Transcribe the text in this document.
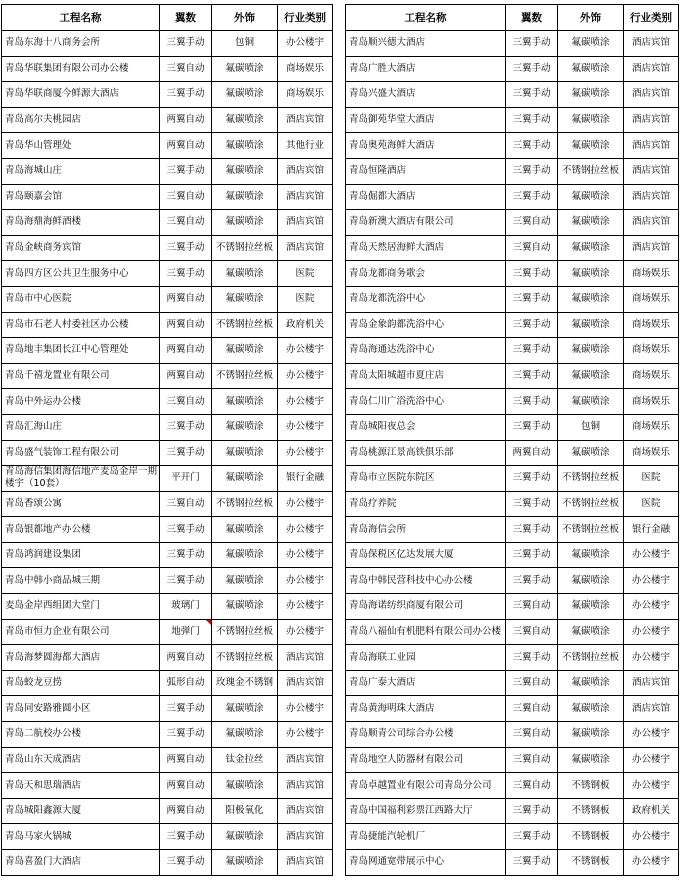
工程名称	翼数	外饰	行业类别
青岛东海十八商务会所	三翼手动	包铜	办公楼宇
青岛华联集团有限公司办公楼	三翼自动	氟碳喷涂	商场娱乐
青岛华联商厦今鲜源大酒店	三翼手动	氟碳喷涂	商场娱乐
青岛高尔夫桃园店	两翼自动	氟碳喷涂	酒店宾馆
青岛华山管理处	两翼自动	氟碳喷涂	其他行业
青岛海城山庄	三翼手动	氟碳喷涂	酒店宾馆
青岛颐嘉会馆	三翼自动	氟碳喷涂	酒店宾馆
青岛海鼎海鲜酒楼	三翼自动	氟碳喷涂	酒店宾馆
青岛金峡商务宾馆	三翼手动	不锈钢拉丝板	酒店宾馆
青岛四方区公共卫生服务中心	三翼手动	氟碳喷涂	医院
青岛市中心医院	两翼自动	氟碳喷涂	医院
青岛市石老人村委社区办公楼	两翼自动	不锈钢拉丝板	政府机关
青岛地丰集团长江中心管理处	两翼自动	氟碳喷涂	办公楼宇
青岛千禧龙置业有限公司	两翼自动	不锈钢拉丝板	办公楼宇
青岛中外运办公楼	三翼自动	氟碳喷涂	办公楼宇
青岛汇海山庄	三翼手动	氟碳喷涂	办公楼宇
青岛盛气装饰工程有限公司	三翼手动	氟碳喷涂	办公楼宇
青岛海信集团海信地产麦岛金岸一期楼宇（10套）	平开门	氟碳喷涂	银行金融
青岛香颂公寓	三翼自动	不锈钢拉丝板	办公楼宇
青岛银都地产办公楼	三翼手动	氟碳喷涂	办公楼宇
青岛鸿润建设集团	三翼手动	氟碳喷涂	办公楼宇
青岛中韩小商品城三期	三翼手动	氟碳喷涂	办公楼宇
麦岛金岸西组团大堂门	玻璃门	氟碳喷涂	办公楼宇
青岛市恒力企业有限公司	地弹门	不锈钢拉丝板	办公楼宇
青岛海梦圆海都大酒店	两翼自动	不锈钢拉丝板	酒店宾馆
青岛蛟龙豆捞	弧形自动	玫瑰金不锈钢	酒店宾馆
青岛同安路雅圆小区	三翼手动	氟碳喷涂	办公楼宇
青岛二航校办公楼	三翼手动	氟碳喷涂	办公楼宇
青岛山东天成酒店	两翼自动	钛金拉丝	酒店宾馆
青岛天和思瑞酒店	两翼自动	氟碳喷涂	酒店宾馆
青岛城阳鑫源大厦	两翼自动	阳极氧化	酒店宾馆
青岛马家火锅城	三翼手动	氟碳喷涂	酒店宾馆
青岛喜盈门大酒店	三翼手动	氟碳喷涂	酒店宾馆
工程名称	翼数	外饰	行业类别
青岛顺兴德大酒店	三翼手动	氟碳喷涂	酒店宾馆
青岛广胜大酒店	三翼手动	氟碳喷涂	酒店宾馆
青岛兴盛大酒店	三翼手动	氟碳喷涂	酒店宾馆
青岛御苑华堂大酒店	三翼手动	氟碳喷涂	酒店宾馆
青岛奥苑海鲜大酒店	三翼手动	氟碳喷涂	酒店宾馆
青岛恒隆酒店	三翼手动	不锈钢拉丝板	酒店宾馆
青岛倔都大酒店	三翼手动	氟碳喷涂	酒店宾馆
青岛新澳大酒店有限公司	三翼自动	氟碳喷涂	酒店宾馆
青岛天然居海鲜大酒店	三翼自动	氟碳喷涂	酒店宾馆
青岛龙都商务歌会	三翼手动	氟碳喷涂	商场娱乐
青岛龙都洗浴中心	三翼手动	氟碳喷涂	商场娱乐
青岛金象韵都洗浴中心	三翼手动	氟碳喷涂	商场娱乐
青岛海通达洗浴中心	三翼手动	氟碳喷涂	商场娱乐
青岛太阳城超市夏庄店	三翼手动	氟碳喷涂	商场娱乐
青岛仁川广浴洗浴中心	三翼手动	氟碳喷涂	商场娱乐
青岛城阳夜总会	三翼手动	包铜	商场娱乐
青岛桃源江景高铁俱乐部	两翼自动	氟碳喷涂	商场娱乐
青岛市立医院东院区	三翼手动	不锈钢拉丝板	医院
青岛疗养院	三翼手动	不锈钢拉丝板	医院
青岛海信会所	三翼手动	不锈钢拉丝板	银行金融
青岛保税区亿达发展大厦	三翼手动	氟碳喷涂	办公楼宇
青岛中韩民营科技中心办公楼	三翼手动	氟碳喷涂	办公楼宇
青岛海诺纺织商厦有限公司	三翼自动	氟碳喷涂	办公楼宇
青岛八福仙有机肥料有限公司办公楼	三翼自动	氟碳喷涂	办公楼宇
青岛海联工业园	三翼手动	不锈钢拉丝板	办公楼宇
青岛广泰大酒店	三翼自动	氟碳喷涂	酒店宾馆
青岛黄海明珠大酒店	三翼自动	氟碳喷涂	酒店宾馆
青岛顺青公司综合办公楼	三翼自动	氟碳喷涂	办公楼宇
青岛地空人防器材有限公司	三翼自动	氟碳喷涂	办公楼宇
青岛卓越置业有限公司青岛分公司	三翼自动	不锈钢板	办公楼宇
青岛中国福利彩票江西路大厅	三翼手动	不锈钢板	政府机关
青岛捷能汽轮机厂	三翼手动	不锈钢板	办公楼宇
青岛网通宽带展示中心	三翼手动	不锈钢板	办公楼宇
